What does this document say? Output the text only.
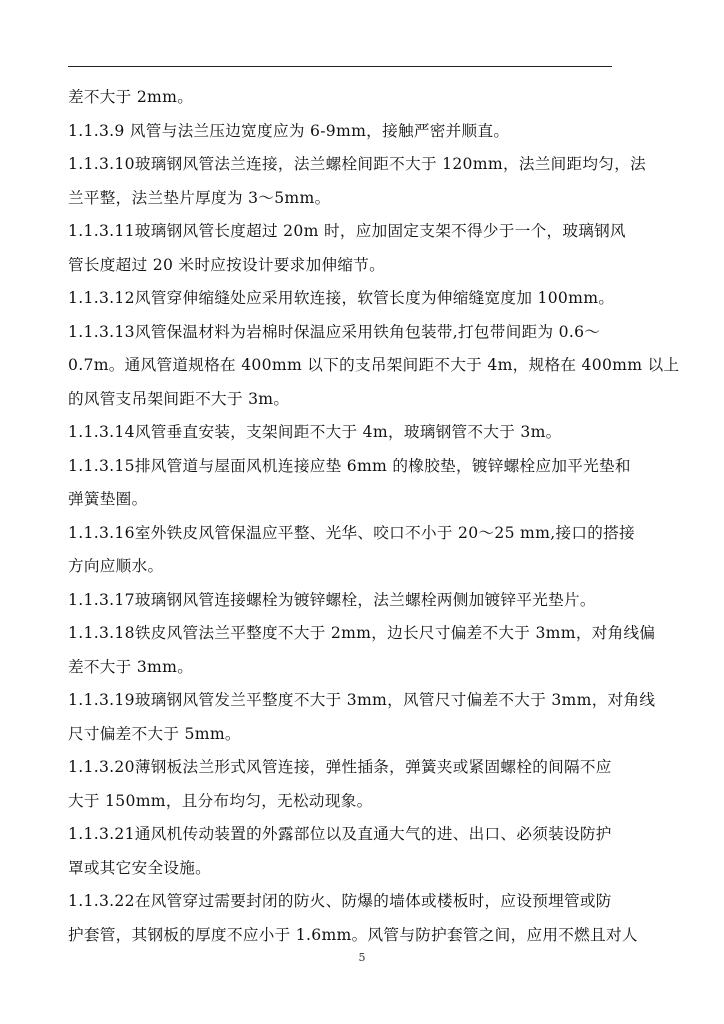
差不大于 2mm。
1.1.3.9 风管与法兰压边宽度应为 6-9mm，接触严密并顺直。
1.1.3.10玻璃钢风管法兰连接，法兰螺栓间距不大于 120mm，法兰间距均匀，法
兰平整，法兰垫片厚度为 3～5mm。
1.1.3.11玻璃钢风管长度超过 20m 时，应加固定支架不得少于一个，玻璃钢风
管长度超过 20 米时应按设计要求加伸缩节。
1.1.3.12风管穿伸缩缝处应采用软连接，软管长度为伸缩缝宽度加 100mm。
1.1.3.13风管保温材料为岩棉时保温应采用铁角包装带,打包带间距为 0.6～
0.7m。通风管道规格在 400mm 以下的支吊架间距不大于 4m，规格在 400mm 以上
的风管支吊架间距不大于 3m。
1.1.3.14风管垂直安装，支架间距不大于 4m，玻璃钢管不大于 3m。
1.1.3.15排风管道与屋面风机连接应垫 6mm 的橡胶垫，镀锌螺栓应加平光垫和
弹簧垫圈。
1.1.3.16室外铁皮风管保温应平整、光华、咬口不小于 20～25 mm,接口的搭接
方向应顺水。
1.1.3.17玻璃钢风管连接螺栓为镀锌螺栓，法兰螺栓两侧加镀锌平光垫片。
1.1.3.18铁皮风管法兰平整度不大于 2mm，边长尺寸偏差不大于 3mm，对角线偏
差不大于 3mm。
1.1.3.19玻璃钢风管发兰平整度不大于 3mm，风管尺寸偏差不大于 3mm，对角线
尺寸偏差不大于 5mm。
1.1.3.20薄钢板法兰形式风管连接，弹性插条，弹簧夹或紧固螺栓的间隔不应
大于 150mm，且分布均匀，无松动现象。
1.1.3.21通风机传动装置的外露部位以及直通大气的进、出口、必须装设防护
罩或其它安全设施。
1.1.3.22在风管穿过需要封闭的防火、防爆的墙体或楼板时，应设预埋管或防
护套管，其钢板的厚度不应小于 1.6mm。风管与防护套管之间，应用不燃且对人
5
